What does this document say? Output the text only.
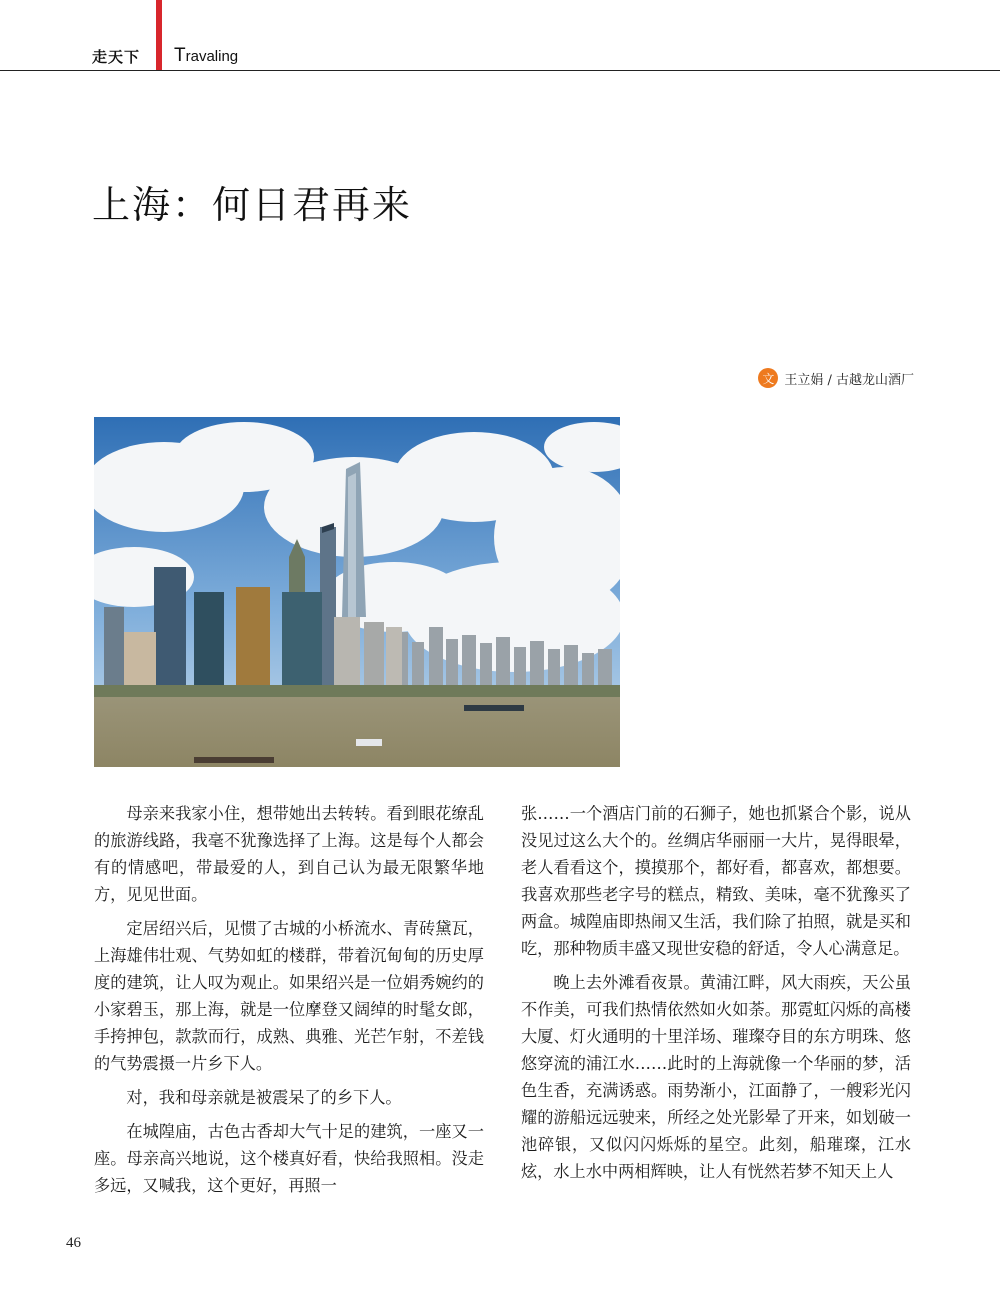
走天下 Travaling
上海：何日君再来
文 王立娟 / 古越龙山酒厂

母亲来我家小住，想带她出去转转。看到眼花缭乱的旅游线路，我毫不犹豫选择了上海。这是每个人都会有的情感吧，带最爱的人，到自己认为最无限繁华地方，见见世面。

定居绍兴后，见惯了古城的小桥流水、青砖黛瓦，上海雄伟壮观、气势如虹的楼群，带着沉甸甸的历史厚度的建筑，让人叹为观止。如果绍兴是一位娟秀婉约的小家碧玉，那上海，就是一位摩登又阔绰的时髦女郎，手挎抻包，款款而行，成熟、典雅、光芒乍射，不差钱的气势震摄一片乡下人。

对，我和母亲就是被震呆了的乡下人。

在城隍庙，古色古香却大气十足的建筑，一座又一座。母亲高兴地说，这个楼真好看，快给我照相。没走多远，又喊我，这个更好，再照一

张……一个酒店门前的石狮子，她也抓紧合个影，说从没见过这么大个的。丝绸店华丽丽一大片，晃得眼晕，老人看看这个，摸摸那个，都好看，都喜欢，都想要。我喜欢那些老字号的糕点，精致、美味，毫不犹豫买了两盒。城隍庙即热闹又生活，我们除了拍照，就是买和吃，那种物质丰盛又现世安稳的舒适，令人心满意足。

晚上去外滩看夜景。黄浦江畔，风大雨疾，天公虽不作美，可我们热情依然如火如荼。那霓虹闪烁的高楼大厦、灯火通明的十里洋场、璀璨夺目的东方明珠、悠悠穿流的浦江水……此时的上海就像一个华丽的梦，活色生香，充满诱惑。雨势渐小，江面静了，一艘彩光闪耀的游船远远驶来，所经之处光影晕了开来，如划破一池碎银，又似闪闪烁烁的星空。此刻，船璀璨，江水炫，水上水中两相辉映，让人有恍然若梦不知天上人

46
